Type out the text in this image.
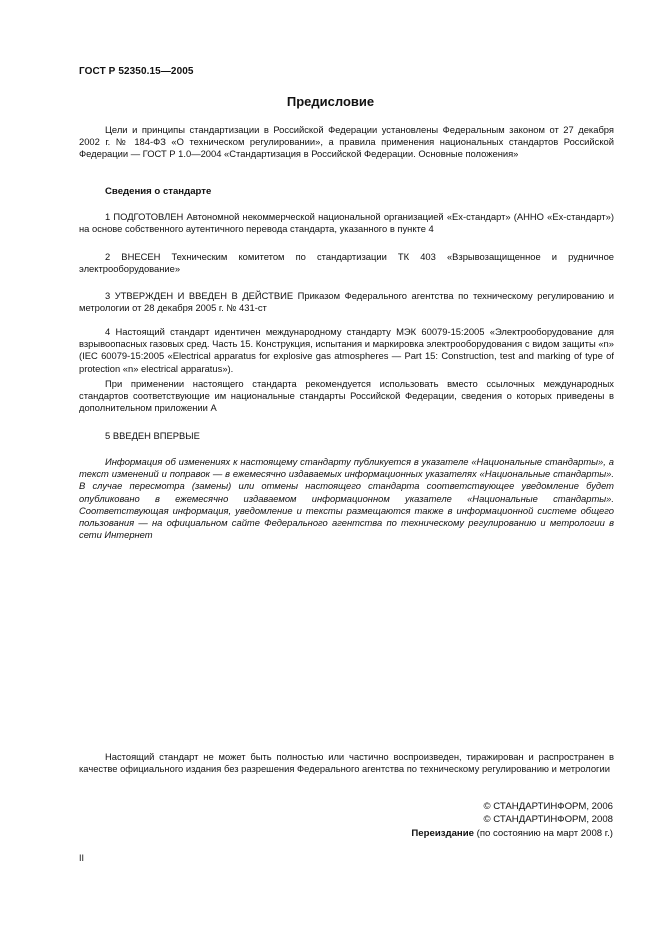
ГОСТ Р 52350.15—2005
Предисловие

Цели и принципы стандартизации в Российской Федерации установлены Федеральным законом от 27 декабря 2002 г. № 184-ФЗ «О техническом регулировании», а правила применения национальных стандартов Российской Федерации — ГОСТ Р 1.0—2004 «Стандартизация в Российской Федерации. Основные положения»

Сведения о стандарте

1 ПОДГОТОВЛЕН Автономной некоммерческой национальной организацией «Ех-стандарт» (АННО «Ех-стандарт») на основе собственного аутентичного перевода стандарта, указанного в пункте 4

2 ВНЕСЕН Техническим комитетом по стандартизации ТК 403 «Взрывозащищенное и рудничное электрооборудование»

3 УТВЕРЖДЕН И ВВЕДЕН В ДЕЙСТВИЕ Приказом Федерального агентства по техническому регулированию и метрологии от 28 декабря 2005 г. № 431-ст

4 Настоящий стандарт идентичен международному стандарту МЭК 60079-15:2005 «Электрооборудование для взрывоопасных газовых сред. Часть 15. Конструкция, испытания и маркировка электрооборудования с видом защиты «n» (IEC 60079-15:2005 «Electrical apparatus for explosive gas atmospheres — Part 15: Construction, test and marking of type of protection «n» electrical apparatus»).

При применении настоящего стандарта рекомендуется использовать вместо ссылочных международных стандартов соответствующие им национальные стандарты Российской Федерации, сведения о которых приведены в дополнительном приложении А

5 ВВЕДЕН ВПЕРВЫЕ

Информация об изменениях к настоящему стандарту публикуется в указателе «Национальные стандарты», а текст изменений и поправок — в ежемесячно издаваемых информационных указателях «Национальные стандарты». В случае пересмотра (замены) или отмены настоящего стандарта соответствующее уведомление будет опубликовано в ежемесячно издаваемом информационном указателе «Национальные стандарты». Соответствующая информация, уведомление и тексты размещаются также в информационной системе общего пользования — на официальном сайте Федерального агентства по техническому регулированию и метрологии в сети Интернет

Настоящий стандарт не может быть полностью или частично воспроизведен, тиражирован и распространен в качестве официального издания без разрешения Федерального агентства по техническому регулированию и метрологии

© СТАНДАРТИНФОРМ, 2006
© СТАНДАРТИНФОРМ, 2008
Переиздание (по состоянию на март 2008 г.)
II
